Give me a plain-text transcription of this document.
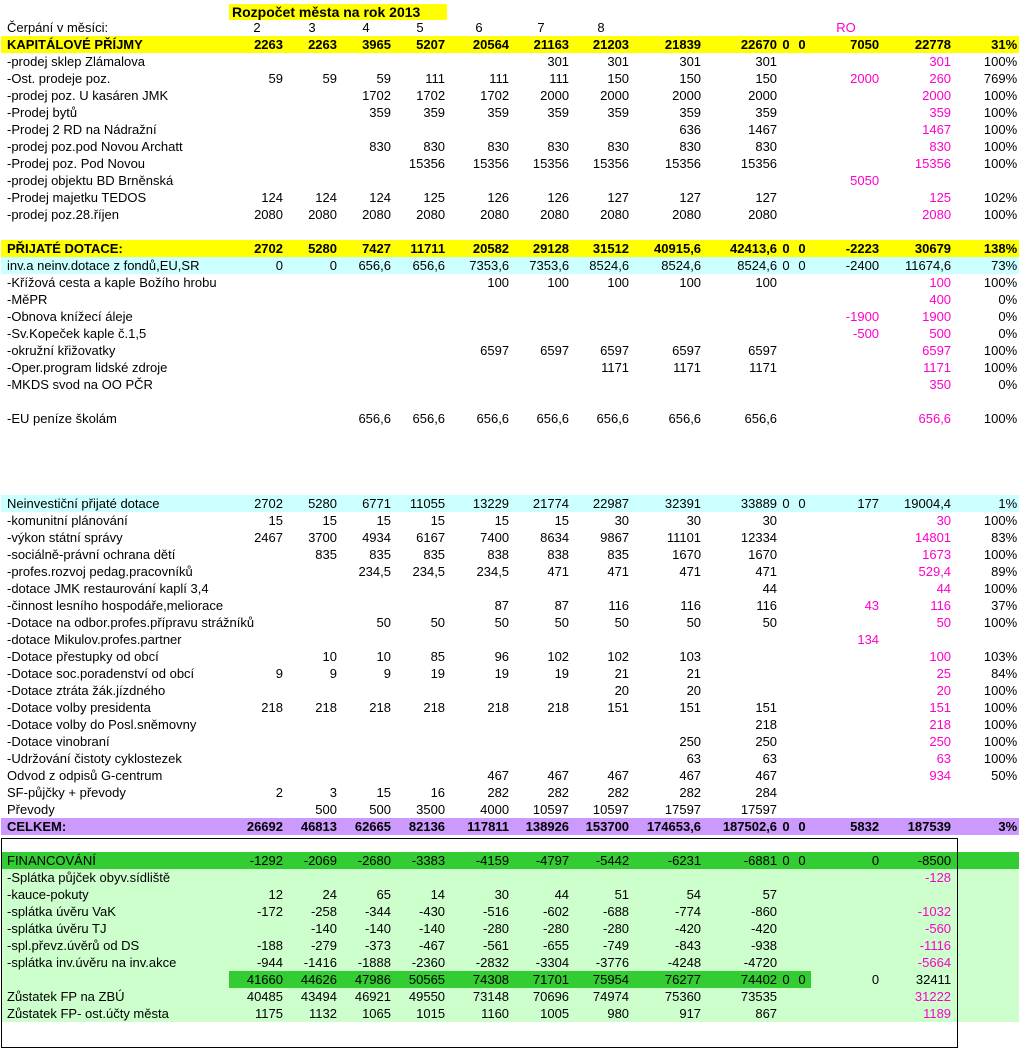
	Rozpočet města na rok 2013													
Čerpání v měsíci:	2	3	4	5	6	7	8					RO		
KAPITÁLOVÉ PŘÍJMY	2263	2263	3965	5207	20564	21163	21203	21839	22670	0	0	7050	22778	31%
-prodej sklep Zlámalova						301	301	301	301				301	100%
-Ost. prodeje poz.	59	59	59	111	111	111	150	150	150			2000	260	769%
-prodej poz. U kasáren JMK			1702	1702	1702	2000	2000	2000	2000				2000	100%
-Prodej bytů			359	359	359	359	359	359	359				359	100%
-Prodej 2 RD na Nádražní								636	1467				1467	100%
-prodej poz.pod Novou Archatt			830	830	830	830	830	830	830				830	100%
-Prodej poz. Pod Novou				15356	15356	15356	15356	15356	15356				15356	100%
-prodej objektu BD Brněnská												5050		
-Prodej majetku TEDOS	124	124	124	125	126	126	127	127	127				125	102%
-prodej poz.28.říjen	2080	2080	2080	2080	2080	2080	2080	2080	2080				2080	100%

PŘIJATÉ DOTACE:	2702	5280	7427	11711	20582	29128	31512	40915,6	42413,6	0	0	-2223	30679	138%
inv.a neinv.dotace z fondů,EU,SR	0	0	656,6	656,6	7353,6	7353,6	8524,6	8524,6	8524,6	0	0	-2400	11674,6	73%
-Křížová cesta a kaple Božího hrobu					100	100	100	100	100				100	100%
-MěPR													400	0%
-Obnova knížecí áleje												-1900	1900	0%
-Sv.Kopeček kaple č.1,5												-500	500	0%
-okružní křižovatky					6597	6597	6597	6597	6597				6597	100%
-Oper.program lidské zdroje							1171	1171	1171				1171	100%
-MKDS svod na OO PČR													350	0%

-EU peníze školám			656,6	656,6	656,6	656,6	656,6	656,6	656,6				656,6	100%

Neinvestiční přijaté dotace	2702	5280	6771	11055	13229	21774	22987	32391	33889	0	0	177	19004,4	1%
-komunitní plánování	15	15	15	15	15	15	30	30	30				30	100%
-výkon státní správy	2467	3700	4934	6167	7400	8634	9867	11101	12334				14801	83%
-sociálně-právní ochrana dětí		835	835	835	838	838	835	1670	1670				1673	100%
-profes.rozvoj pedag.pracovníků			234,5	234,5	234,5	471	471	471	471				529,4	89%
-dotace JMK restaurování kaplí 3,4									44				44	100%
-činnost lesního hospodáře,meliorace					87	87	116	116	116			43	116	37%
-Dotace na odbor.profes.přípravu strážníků			50	50	50	50	50	50	50				50	100%
-dotace Mikulov.profes.partner												134		
-Dotace přestupky od obcí		10	10	85	96	102	102	103					100	103%
-Dotace soc.poradenství od obcí	9	9	9	19	19	19	21	21					25	84%
-Dotace ztráta žák.jízdného							20	20					20	100%
-Dotace volby presidenta	218	218	218	218	218	218	151	151	151				151	100%
-Dotace volby do Posl.sněmovny									218				218	100%
-Dotace vinobraní								250	250				250	100%
-Udržování čistoty cyklostezek								63	63				63	100%
Odvod z odpisů G-centrum					467	467	467	467	467				934	50%
SF-půjčky + převody	2	3	15	16	282	282	282	282	284					
Převody		500	500	3500	4000	10597	10597	17597	17597					
CELKEM:	26692	46813	62665	82136	117811	138926	153700	174653,6	187502,6	0	0	5832	187539	3%

FINANCOVÁNÍ	-1292	-2069	-2680	-3383	-4159	-4797	-5442	-6231	-6881	0	0	0	-8500	
-Splátka půjček obyv.sídliště													-128	
-kauce-pokuty	12	24	65	14	30	44	51	54	57					
-splátka úvěru VaK	-172	-258	-344	-430	-516	-602	-688	-774	-860				-1032	
-splátka úvěru TJ		-140	-140	-140	-280	-280	-280	-420	-420				-560	
-spl.převz.úvěrů od DS	-188	-279	-373	-467	-561	-655	-749	-843	-938				-1116	
-splátka inv.úvěru na inv.akce	-944	-1416	-1888	-2360	-2832	-3304	-3776	-4248	-4720				-5664	
	41660	44626	47986	50565	74308	71701	75954	76277	74402	0	0	0	32411	
Zůstatek FP na ZBÚ	40485	43494	46921	49550	73148	70696	74974	75360	73535				31222	
Zůstatek FP- ost.účty města	1175	1132	1065	1015	1160	1005	980	917	867				1189	
